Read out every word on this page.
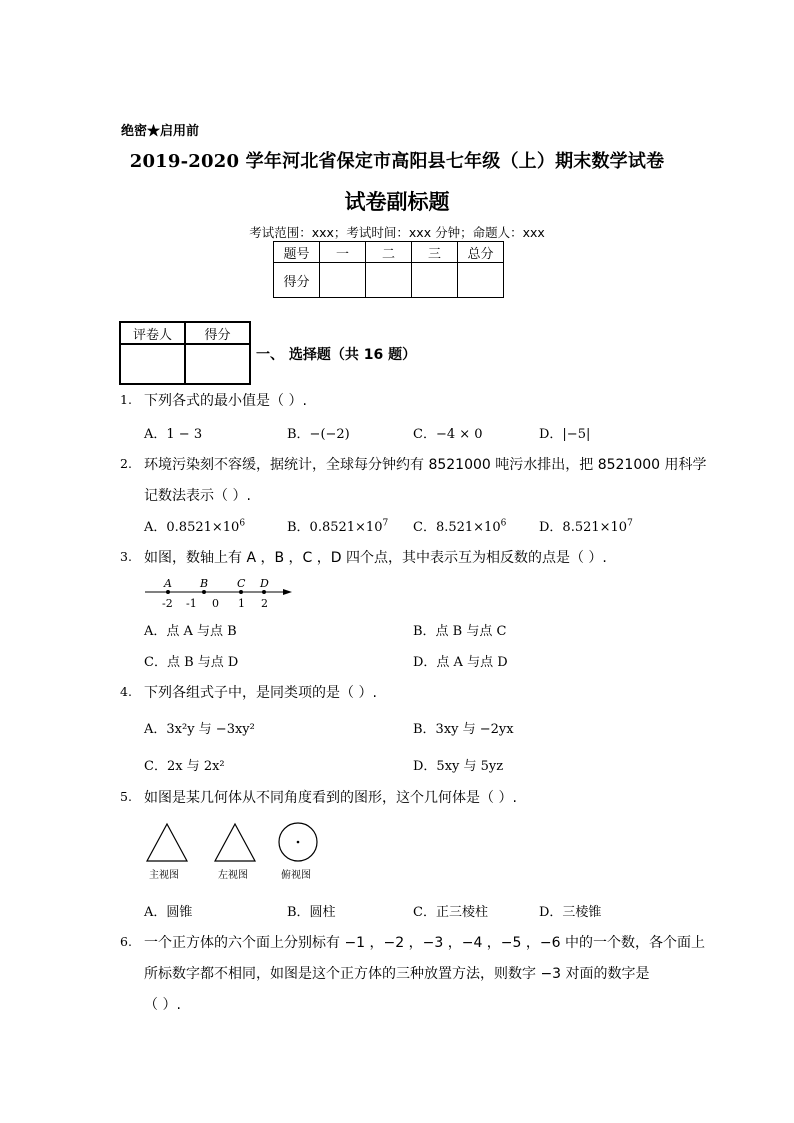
绝密★启用前
2019-2020 学年河北省保定市高阳县七年级（上）期末数学试卷
试卷副标题
考试范围：xxx；考试时间：xxx 分钟；命题人：xxx
题号	一	二	三	总分
得分				
评卷人	得分

一、 选择题（共 16 题）
1. 下列各式的最小值是（ ）.
A．1 − 3	B．−(−2)	C．−4 × 0	D．|−5|
2. 环境污染刻不容缓，据统计，全球每分钟约有 8521000 吨污水排出，把 8521000 用科学
记数法表示（ ）.
A．$0.8521\times 10^6$	B．$0.8521\times 10^7$ C．$8.521\times 10^6$	D．$8.521\times 10^7$
3. 如图，数轴上有 A ，B ，C ，D 四个点，其中表示互为相反数的点是（ ）.
A	B	C D
-2 -1 0 1 2
A．点 A 与点 B	B．点 B 与点 C
C．点 B 与点 D	D．点 A 与点 D
4. 下列各组式子中，是同类项的是（ ）.
A．3x²y 与 −3xy²	B．3xy 与 −2yx
C．2x 与 2x²	D．5xy 与 5yz
5. 如图是某几何体从不同角度看到的图形，这个几何体是（ ）.
主视图	左视图	俯视图
A．圆锥	B．圆柱	C．正三棱柱	D．三棱锥
6. 一个正方体的六个面上分别标有 −1 ，−2 ，−3 ，−4 ，−5 ，−6 中的一个数，各个面上
所标数字都不相同，如图是这个正方体的三种放置方法，则数字 −3 对面的数字是
（ ）.
